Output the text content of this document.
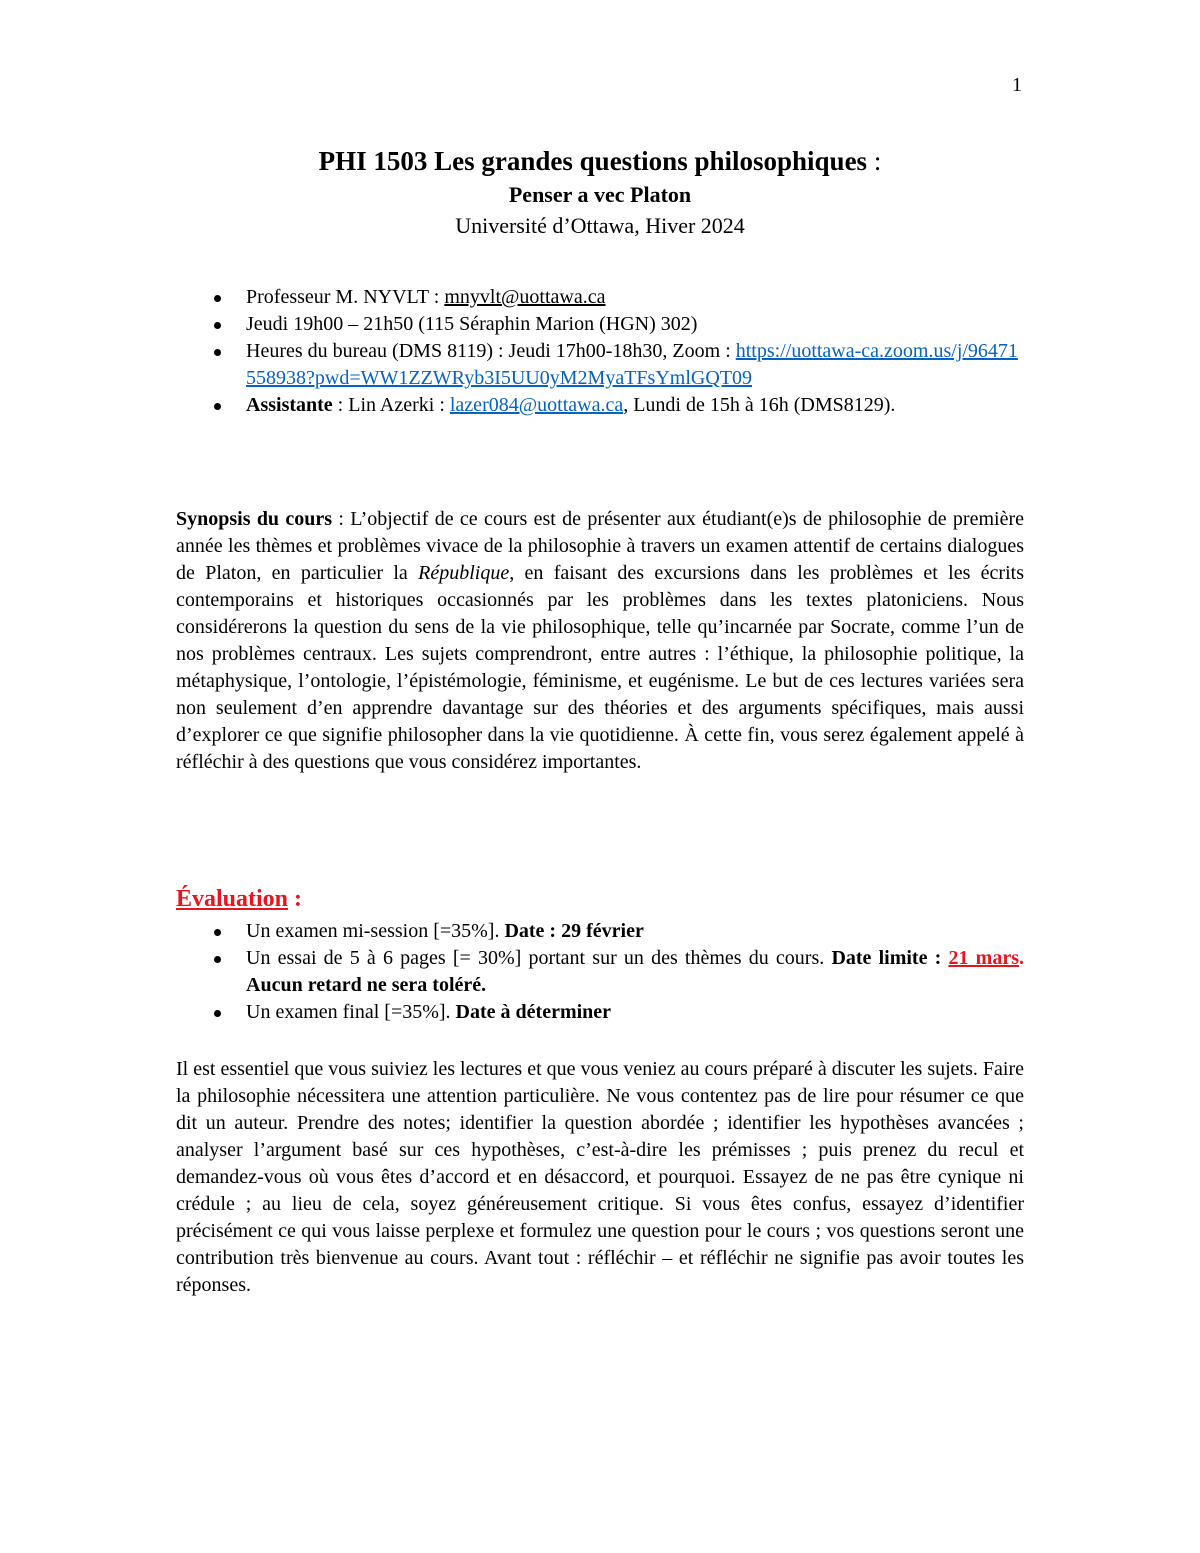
1
PHI 1503 Les grandes questions philosophiques :
Penser a vec Platon
Université d’Ottawa, Hiver 2024
Professeur M. NYVLT : mnyvlt@uottawa.ca
Jeudi 19h00 – 21h50 (115 Séraphin Marion (HGN) 302)
Heures du bureau (DMS 8119) : Jeudi 17h00-18h30, Zoom : https://uottawa-ca.zoom.us/j/96471558938?pwd=WW1ZZWRyb3I5UU0yM2MyaTFsYmlGQT09
Assistante : Lin Azerki : lazer084@uottawa.ca, Lundi de 15h à 16h (DMS8129).

Synopsis du cours : L’objectif de ce cours est de présenter aux étudiant(e)s de philosophie de première année les thèmes et problèmes vivace de la philosophie à travers un examen attentif de certains dialogues de Platon, en particulier la République, en faisant des excursions dans les problèmes et les écrits contemporains et historiques occasionnés par les problèmes dans les textes platoniciens. Nous considérerons la question du sens de la vie philosophique, telle qu’incarnée par Socrate, comme l’un de nos problèmes centraux. Les sujets comprendront, entre autres : l’éthique, la philosophie politique, la métaphysique, l’ontologie, l’épistémologie, féminisme, et eugénisme. Le but de ces lectures variées sera non seulement d’en apprendre davantage sur des théories et des arguments spécifiques, mais aussi d’explorer ce que signifie philosopher dans la vie quotidienne. À cette fin, vous serez également appelé à réfléchir à des questions que vous considérez importantes.

Évaluation :
Un examen mi-session [=35%]. Date : 29 février
Un essai de 5 à 6 pages [= 30%] portant sur un des thèmes du cours. Date limite : 21 mars. Aucun retard ne sera toléré.
Un examen final [=35%]. Date à déterminer

Il est essentiel que vous suiviez les lectures et que vous veniez au cours préparé à discuter les sujets. Faire la philosophie nécessitera une attention particulière. Ne vous contentez pas de lire pour résumer ce que dit un auteur. Prendre des notes; identifier la question abordée ; identifier les hypothèses avancées ; analyser l’argument basé sur ces hypothèses, c’est-à-dire les prémisses ; puis prenez du recul et demandez-vous où vous êtes d’accord et en désaccord, et pourquoi. Essayez de ne pas être cynique ni crédule ; au lieu de cela, soyez généreusement critique. Si vous êtes confus, essayez d’identifier précisément ce qui vous laisse perplexe et formulez une question pour le cours ; vos questions seront une contribution très bienvenue au cours. Avant tout : réfléchir – et réfléchir ne signifie pas avoir toutes les réponses.
